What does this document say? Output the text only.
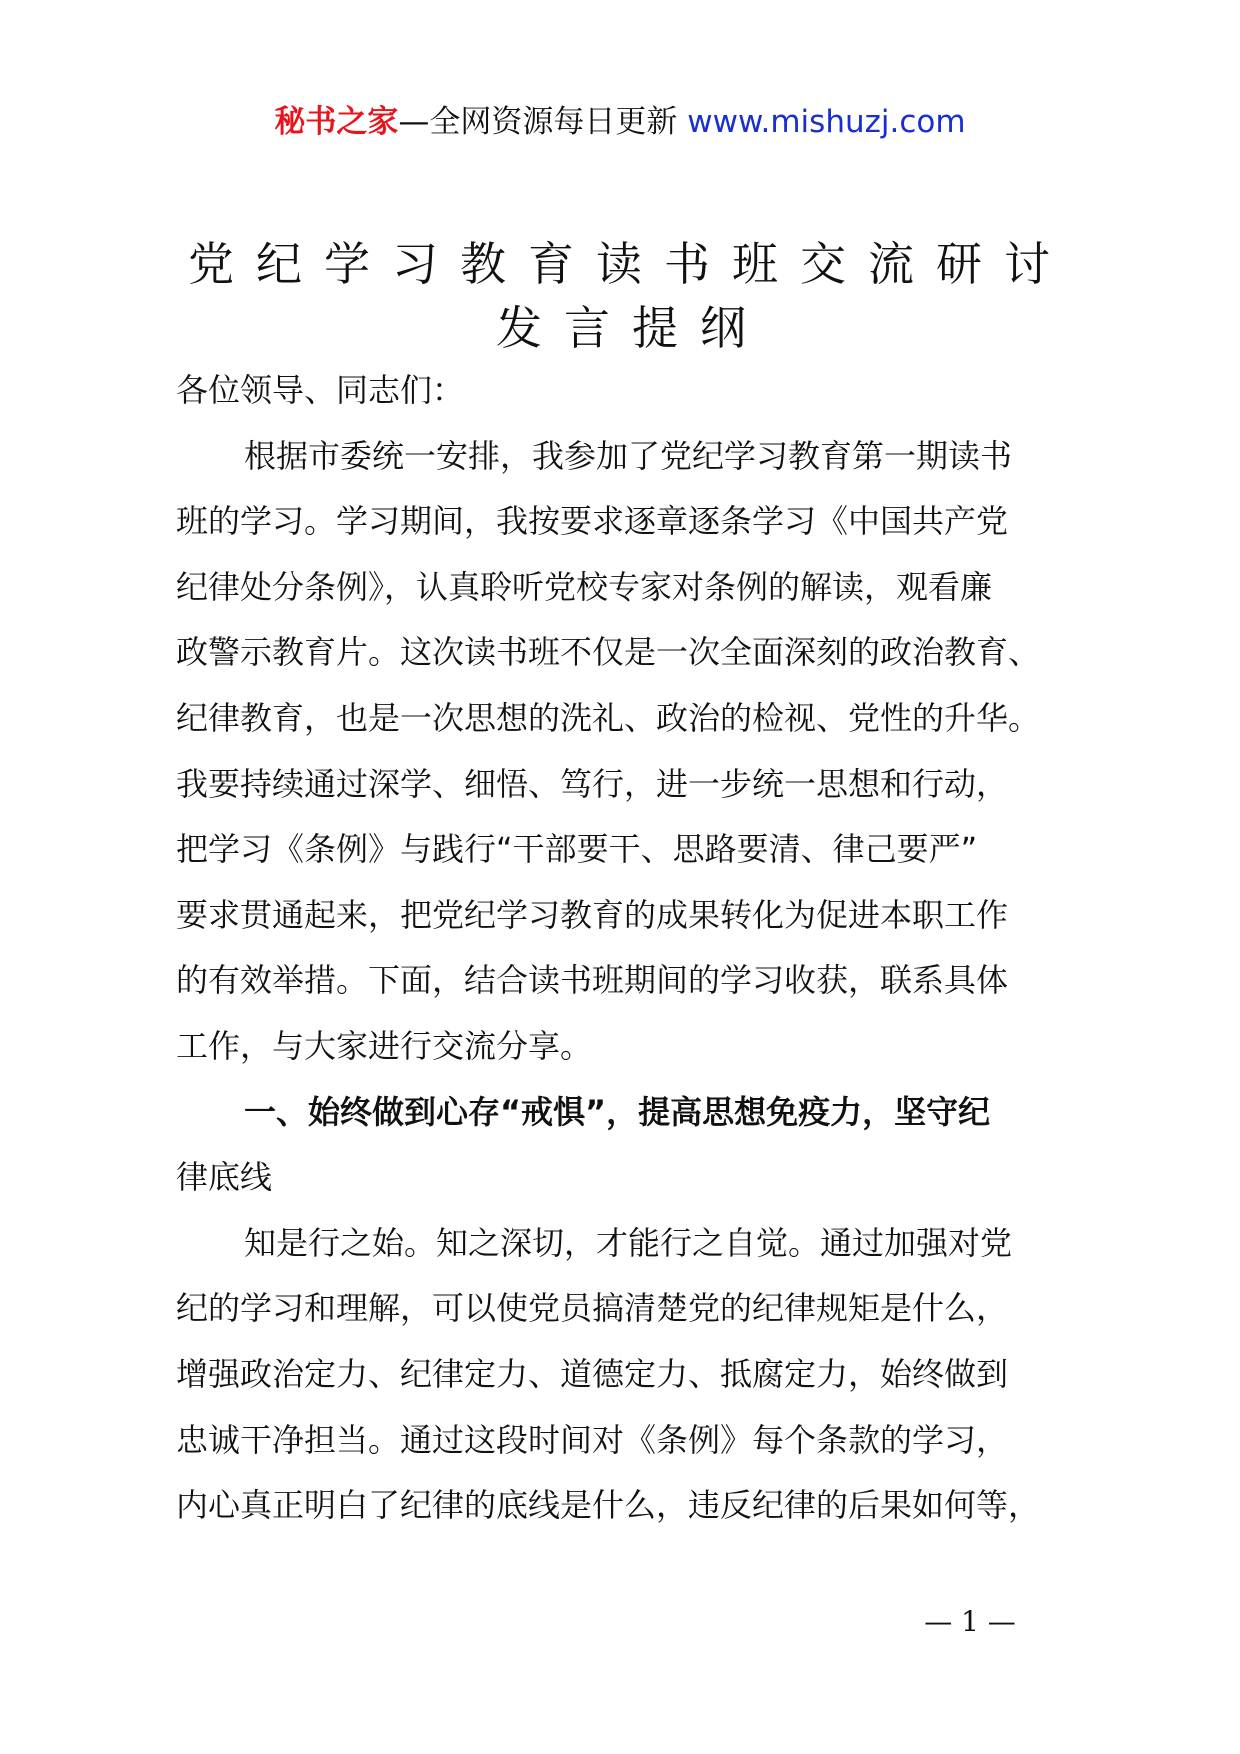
秘书之家—全网资源每日更新 www.mishuzj.com
党纪学习教育读书班交流研讨
发言提纲
各位领导、同志们：
根据市委统一安排，我参加了党纪学习教育第一期读书
班的学习。学习期间，我按要求逐章逐条学习《中国共产党
纪律处分条例》，认真聆听党校专家对条例的解读，观看廉
政警示教育片。这次读书班不仅是一次全面深刻的政治教育、
纪律教育，也是一次思想的洗礼、政治的检视、党性的升华。
我要持续通过深学、细悟、笃行，进一步统一思想和行动，
把学习《条例》与践行“干部要干、思路要清、律己要严”
要求贯通起来，把党纪学习教育的成果转化为促进本职工作
的有效举措。下面，结合读书班期间的学习收获，联系具体
工作，与大家进行交流分享。
一、始终做到心存“戒惧”，提高思想免疫力，坚守纪
律底线
知是行之始。知之深切，才能行之自觉。通过加强对党
纪的学习和理解，可以使党员搞清楚党的纪律规矩是什么，
增强政治定力、纪律定力、道德定力、抵腐定力，始终做到
忠诚干净担当。通过这段时间对《条例》每个条款的学习，
内心真正明白了纪律的底线是什么，违反纪律的后果如何等，
— 1 —
